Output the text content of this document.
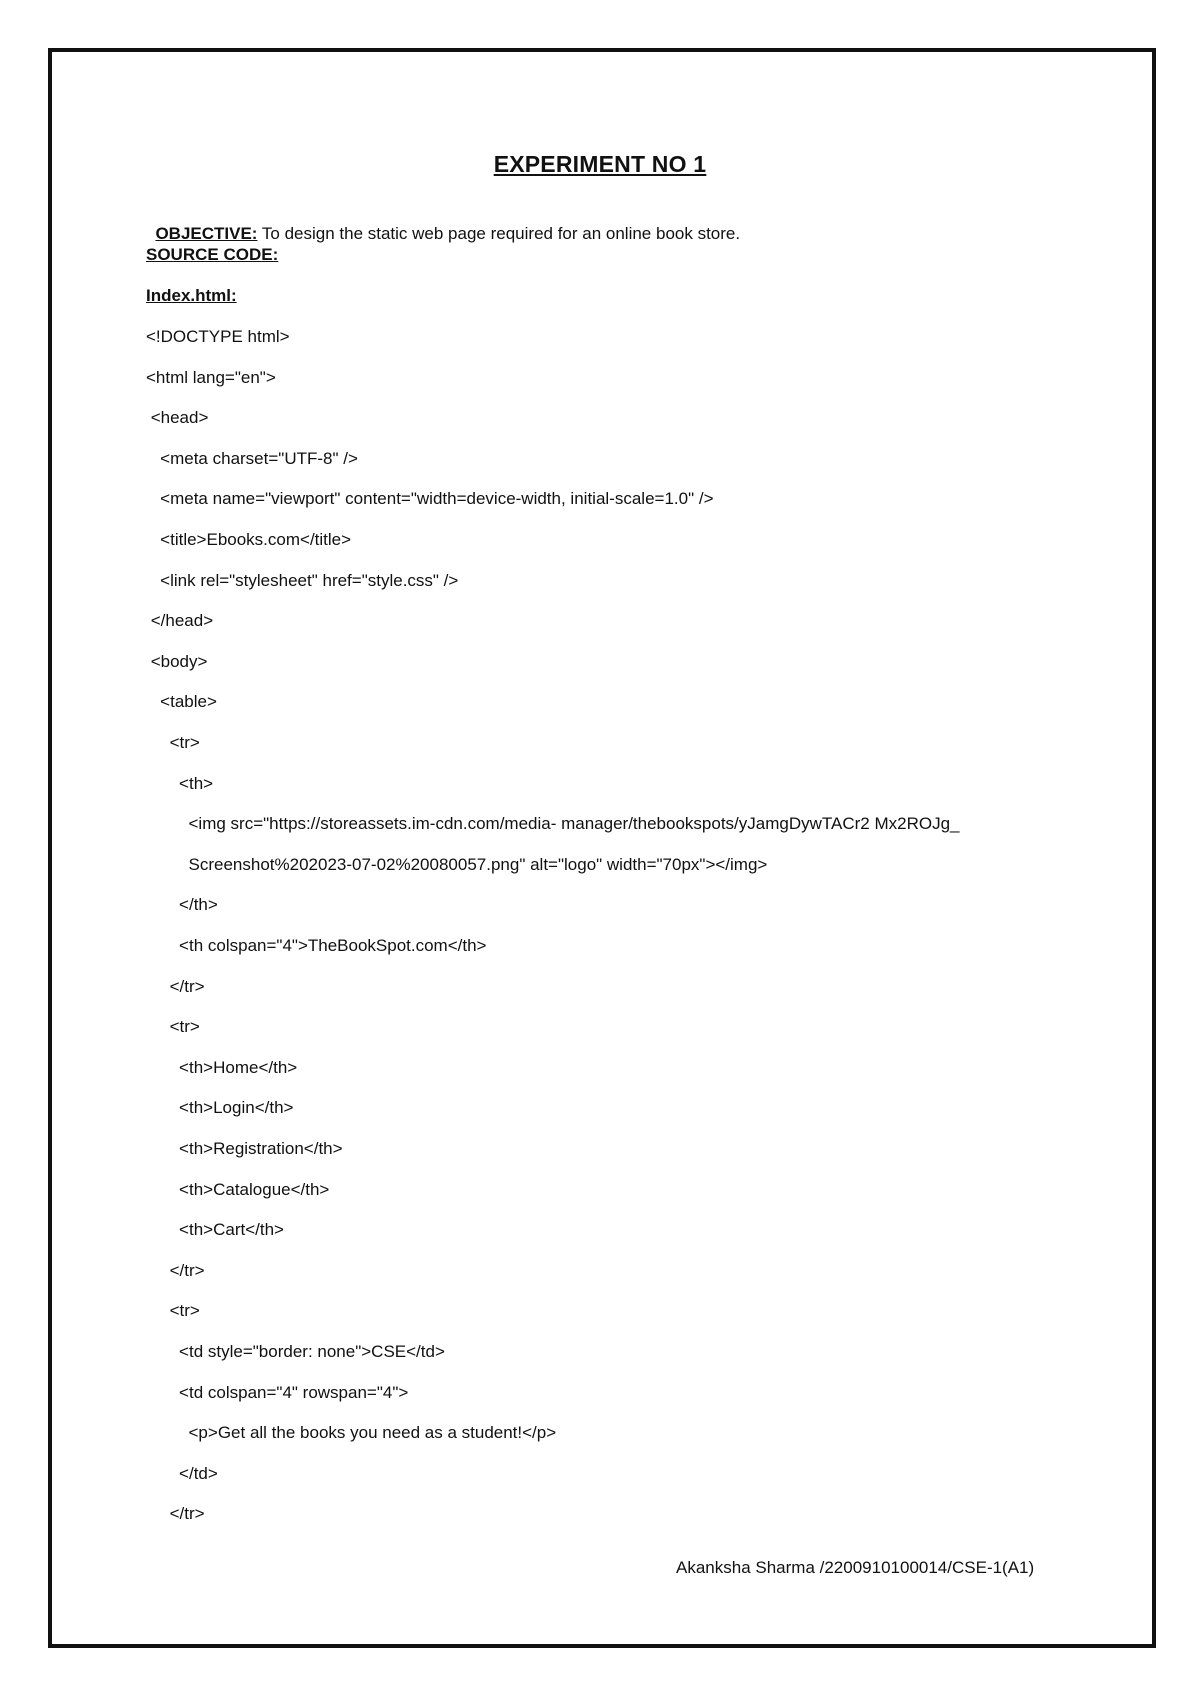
EXPERIMENT NO 1

OBJECTIVE: To design the static web page required for an online book store.

SOURCE CODE:
Index.html:
<!DOCTYPE html>
<html lang="en">
<head>
<meta charset="UTF-8" />
<meta name="viewport" content="width=device-width, initial-scale=1.0" />
<title>Ebooks.com</title>
<link rel="stylesheet" href="style.css" />
</head>
<body>
<table>
<tr>
<th>
<img src="https://storeassets.im-cdn.com/media- manager/thebookspots/yJamgDywTACr2 Mx2ROJg_
Screenshot%202023-07-02%20080057.png" alt="logo" width="70px"></img>
</th>
<th colspan="4">TheBookSpot.com</th>
</tr>
<tr>
<th>Home</th>
<th>Login</th>
<th>Registration</th>
<th>Catalogue</th>
<th>Cart</th>
</tr>
<tr>
<td style="border: none">CSE</td>
<td colspan="4" rowspan="4">
<p>Get all the books you need as a student!</p>
</td>
</tr>
Akanksha Sharma /2200910100014/CSE-1(A1)
